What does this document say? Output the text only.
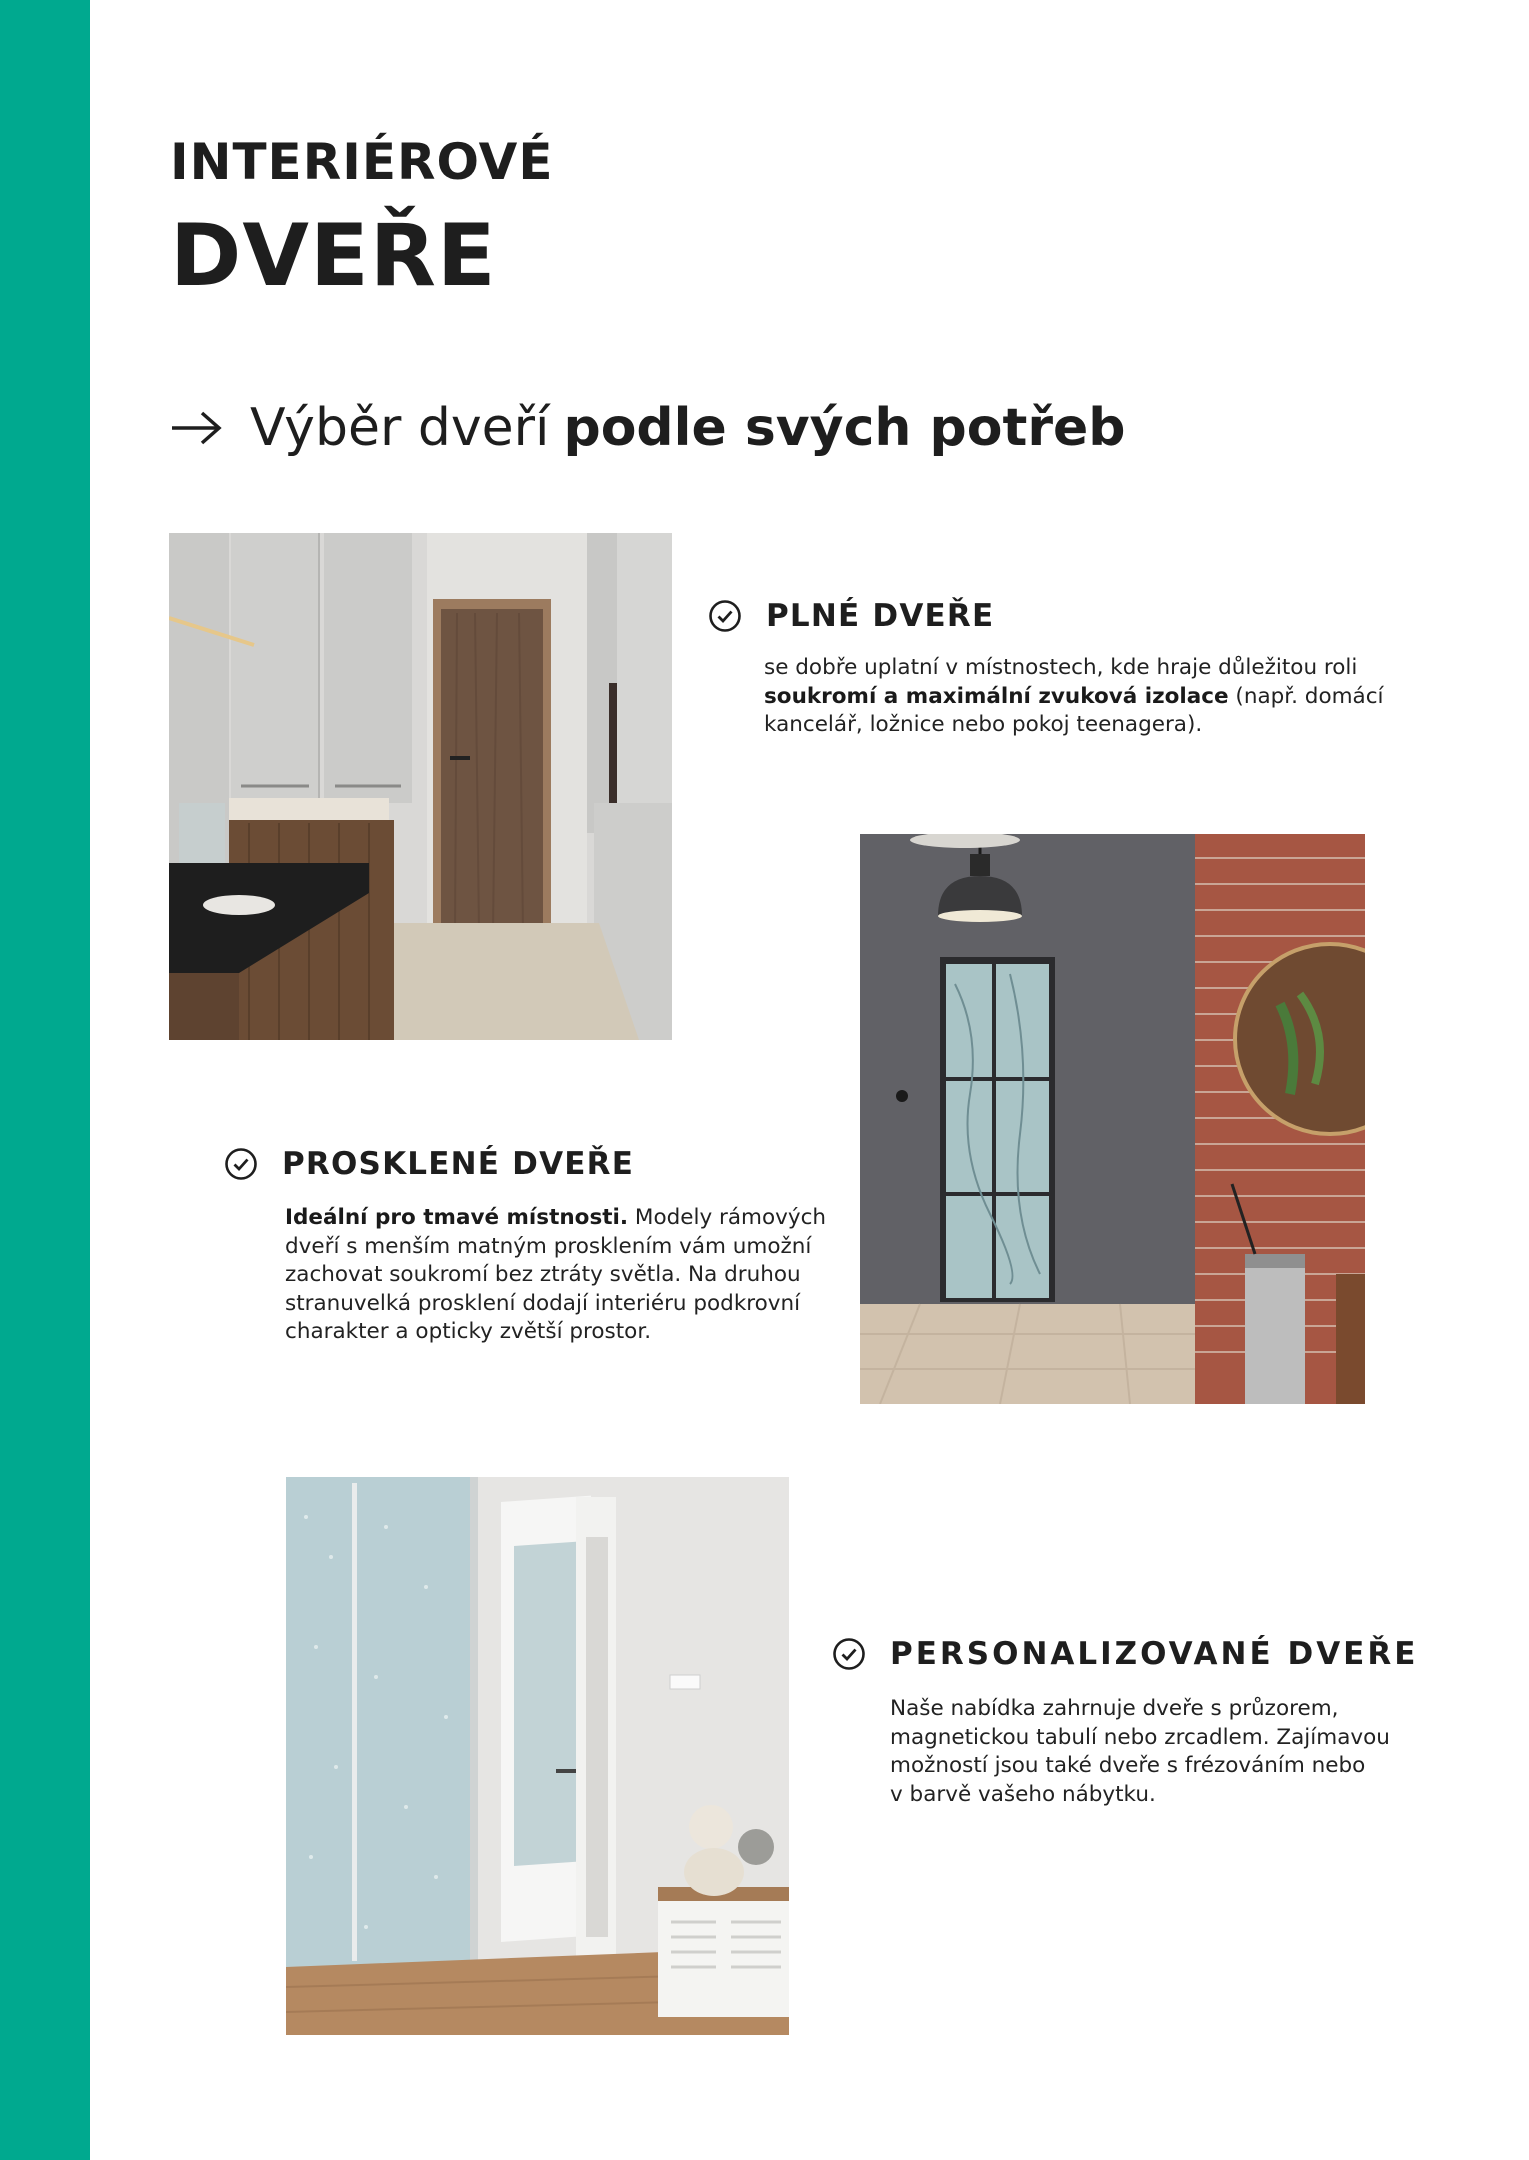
INTERIÉROVÉ
DVEŘE
Výběr dveří podle svých potřeb
PLNÉ DVEŘE
se dobře uplatní v místnostech, kde hraje důležitou roli
soukromí a maximální zvuková izolace (např. domácí
kancelář, ložnice nebo pokoj teenagera).
PROSKLENÉ DVEŘE
Ideální pro tmavé místnosti. Modely rámových
dveří s menším matným prosklením vám umožní
zachovat soukromí bez ztráty světla. Na druhou
stranuvelká prosklení dodají interiéru podkrovní
charakter a opticky zvětší prostor.
PERSONALIZOVANÉ DVEŘE
Naše nabídka zahrnuje dveře s průzorem,
magnetickou tabulí nebo zrcadlem. Zajímavou
možností jsou také dveře s frézováním nebo
v barvě vašeho nábytku.
